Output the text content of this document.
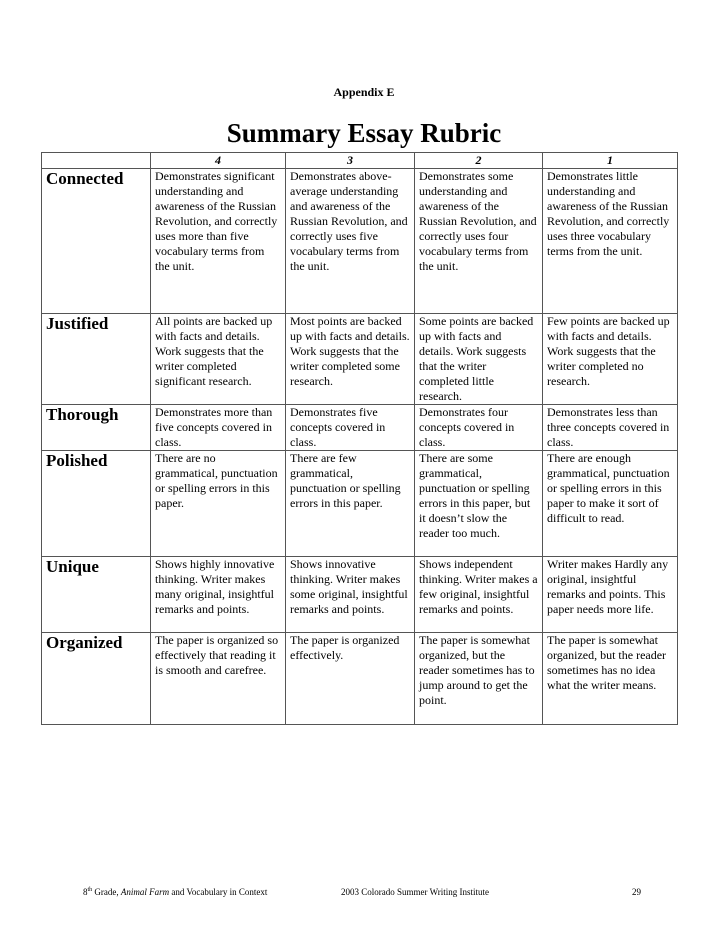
Appendix E
Summary Essay Rubric
	4	3	2	1
Connected	Demonstrates significant understanding and awareness of the Russian Revolution, and correctly uses more than five vocabulary terms from the unit.	Demonstrates above-average understanding and awareness of the Russian Revolution, and correctly uses five vocabulary terms from the unit.	Demonstrates some understanding and awareness of the Russian Revolution, and correctly uses four vocabulary terms from the unit.	Demonstrates little understanding and awareness of the Russian Revolution, and correctly uses three vocabulary terms from the unit.
Justified	All points are backed up with facts and details. Work suggests that the writer completed significant research.	Most points are backed up with facts and details. Work suggests that the writer completed some research.	Some points are backed up with facts and details. Work suggests that the writer completed little research.	Few points are backed up with facts and details. Work suggests that the writer completed no research.
Thorough	Demonstrates more than five concepts covered in class.	Demonstrates five concepts covered in class.	Demonstrates four concepts covered in class.	Demonstrates less than three concepts covered in class.
Polished	There are no grammatical, punctuation or spelling errors in this paper.	There are few grammatical, punctuation or spelling errors in this paper.	There are some grammatical, punctuation or spelling errors in this paper, but it doesn’t slow the reader too much.	There are enough grammatical, punctuation or spelling errors in this paper to make it sort of difficult to read.
Unique	Shows highly innovative thinking. Writer makes many original, insightful remarks and points.	Shows innovative thinking. Writer makes some original, insightful remarks and points.	Shows independent thinking. Writer makes a few original, insightful remarks and points.	Writer makes Hardly any original, insightful remarks and points. This paper needs more life.
Organized	The paper is organized so effectively that reading it is smooth and carefree.	The paper is organized effectively.	The paper is somewhat organized, but the reader sometimes has to jump around to get the point.	The paper is somewhat organized, but the reader sometimes has no idea what the writer means.
8th Grade, Animal Farm and Vocabulary in Context	2003 Colorado Summer Writing Institute	29
